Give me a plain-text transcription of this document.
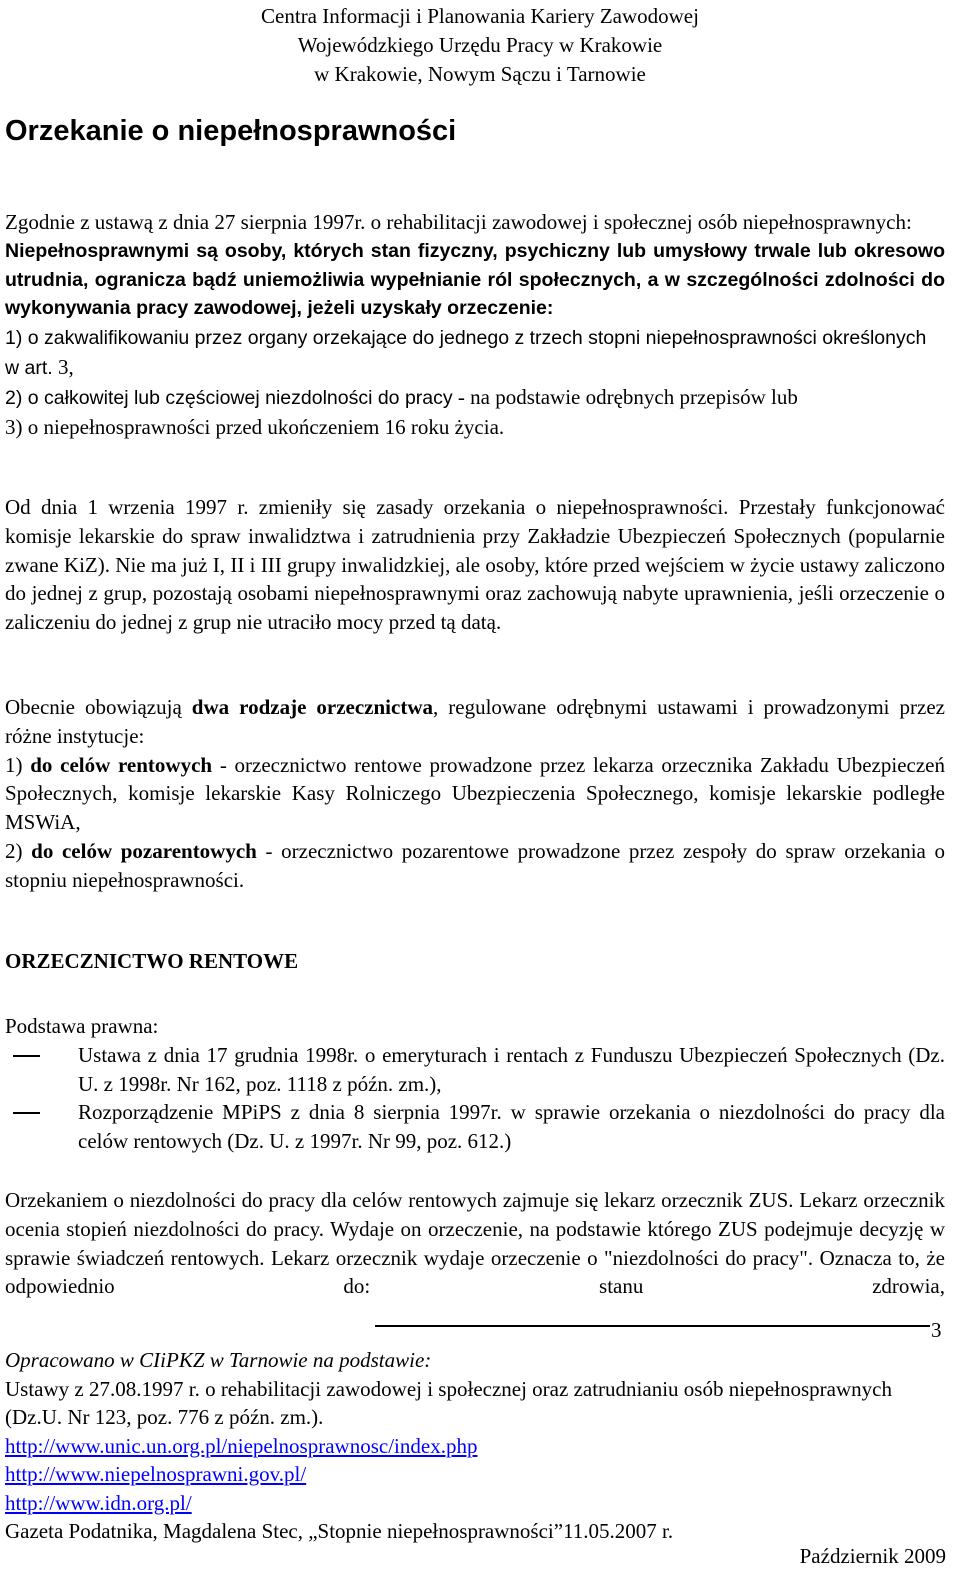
Centra Informacji i Planowania Kariery Zawodowej
Wojewódzkiego Urzędu Pracy w Krakowie
w Krakowie, Nowym Sączu i Tarnowie
Orzekanie o niepełnosprawności
Zgodnie z ustawą z dnia 27 sierpnia 1997r. o rehabilitacji zawodowej i społecznej osób niepełnosprawnych:
Niepełnosprawnymi są osoby, których stan fizyczny, psychiczny lub umysłowy trwale lub okresowo utrudnia, ogranicza bądź uniemożliwia wypełnianie ról społecznych, a w szczególności zdolności do wykonywania pracy zawodowej, jeżeli uzyskały orzeczenie:
1) o zakwalifikowaniu przez organy orzekające do jednego z trzech stopni niepełnosprawności określonych w art. 3,
2) o całkowitej lub częściowej niezdolności do pracy - na podstawie odrębnych przepisów lub
3) o niepełnosprawności przed ukończeniem 16 roku życia.
Od dnia 1 wrzenia 1997 r. zmieniły się zasady orzekania o niepełnosprawności. Przestały funkcjonować komisje lekarskie do spraw inwalidztwa i zatrudnienia przy Zakładzie Ubezpieczeń Społecznych (popularnie zwane KiZ). Nie ma już I, II i III grupy inwalidzkiej, ale osoby, które przed wejściem w życie ustawy zaliczono do jednej z grup, pozostają osobami niepełnosprawnymi oraz zachowują nabyte uprawnienia, jeśli orzeczenie o zaliczeniu do jednej z grup nie utraciło mocy przed tą datą.
Obecnie obowiązują dwa rodzaje orzecznictwa, regulowane odrębnymi ustawami i prowadzonymi przez różne instytucje:
1) do celów rentowych - orzecznictwo rentowe prowadzone przez lekarza orzecznika Zakładu Ubezpieczeń Społecznych, komisje lekarskie Kasy Rolniczego Ubezpieczenia Społecznego, komisje lekarskie podległe MSWiA,
2) do celów pozarentowych - orzecznictwo pozarentowe prowadzone przez zespoły do spraw orzekania o stopniu niepełnosprawności.
ORZECZNICTWO RENTOWE
Podstawa prawna:
Ustawa z dnia 17 grudnia 1998r. o emeryturach i rentach z Funduszu Ubezpieczeń Społecznych (Dz. U. z 1998r. Nr 162, poz. 1118 z późn. zm.),
Rozporządzenie MPiPS z dnia 8 sierpnia 1997r. w sprawie orzekania o niezdolności do pracy dla celów rentowych (Dz. U. z 1997r. Nr 99, poz. 612.)
Orzekaniem o niezdolności do pracy dla celów rentowych zajmuje się lekarz orzecznik ZUS. Lekarz orzecznik ocenia stopień niezdolności do pracy. Wydaje on orzeczenie, na podstawie którego ZUS podejmuje decyzję w sprawie świadczeń rentowych. Lekarz orzecznik wydaje orzeczenie o "niezdolności do pracy". Oznacza to, że odpowiednio do: stanu zdrowia,
3
Opracowano w CIiPKZ w Tarnowie na podstawie:
Ustawy z 27.08.1997 r. o rehabilitacji zawodowej i społecznej oraz zatrudnianiu osób niepełnosprawnych (Dz.U. Nr 123, poz. 776 z późn. zm.).
http://www.unic.un.org.pl/niepelnosprawnosc/index.php
http://www.niepelnosprawni.gov.pl/
http://www.idn.org.pl/
Gazeta Podatnika, Magdalena Stec, „Stopnie niepełnosprawności”11.05.2007 r.
Październik 2009
